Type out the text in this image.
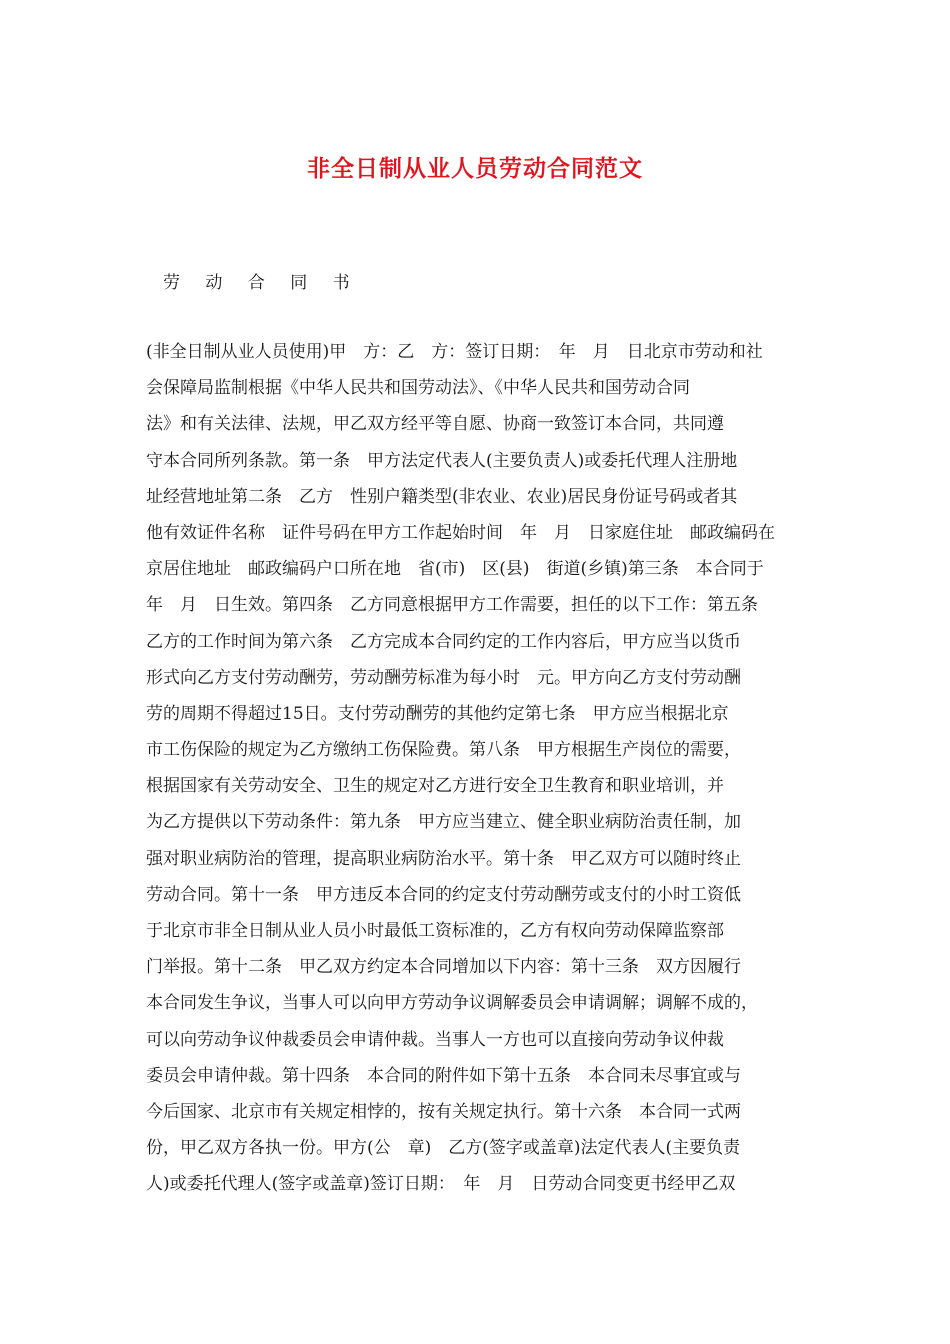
非全日制从业人员劳动合同范文

劳 动 合 同 书

(非全日制从业人员使用)甲　方：乙　方：签订日期：　年　月　日北京市劳动和社
会保障局监制根据《中华人民共和国劳动法》、《中华人民共和国劳动合同
法》和有关法律、法规，甲乙双方经平等自愿、协商一致签订本合同，共同遵
守本合同所列条款。第一条　甲方法定代表人(主要负责人)或委托代理人注册地
址经营地址第二条　乙方　性别户籍类型(非农业、农业)居民身份证号码或者其
他有效证件名称　证件号码在甲方工作起始时间　年　月　日家庭住址　邮政编码在
京居住地址　邮政编码户口所在地　省(市)　区(县)　街道(乡镇)第三条　本合同于
年　月　日生效。第四条　乙方同意根据甲方工作需要，担任的以下工作：第五条
乙方的工作时间为第六条　乙方完成本合同约定的工作内容后，甲方应当以货币
形式向乙方支付劳动酬劳，劳动酬劳标准为每小时　元。甲方向乙方支付劳动酬
劳的周期不得超过15日。支付劳动酬劳的其他约定第七条　甲方应当根据北京
市工伤保险的规定为乙方缴纳工伤保险费。第八条　甲方根据生产岗位的需要，
根据国家有关劳动安全、卫生的规定对乙方进行安全卫生教育和职业培训，并
为乙方提供以下劳动条件：第九条　甲方应当建立、健全职业病防治责任制，加
强对职业病防治的管理，提高职业病防治水平。第十条　甲乙双方可以随时终止
劳动合同。第十一条　甲方违反本合同的约定支付劳动酬劳或支付的小时工资低
于北京市非全日制从业人员小时最低工资标准的，乙方有权向劳动保障监察部
门举报。第十二条　甲乙双方约定本合同增加以下内容：第十三条　双方因履行
本合同发生争议，当事人可以向甲方劳动争议调解委员会申请调解；调解不成的，
可以向劳动争议仲裁委员会申请仲裁。当事人一方也可以直接向劳动争议仲裁
委员会申请仲裁。第十四条　本合同的附件如下第十五条　本合同未尽事宜或与
今后国家、北京市有关规定相悖的，按有关规定执行。第十六条　本合同一式两
份，甲乙双方各执一份。甲方(公　章)　乙方(签字或盖章)法定代表人(主要负责
人)或委托代理人(签字或盖章)签订日期：　年　月　日劳动合同变更书经甲乙双
